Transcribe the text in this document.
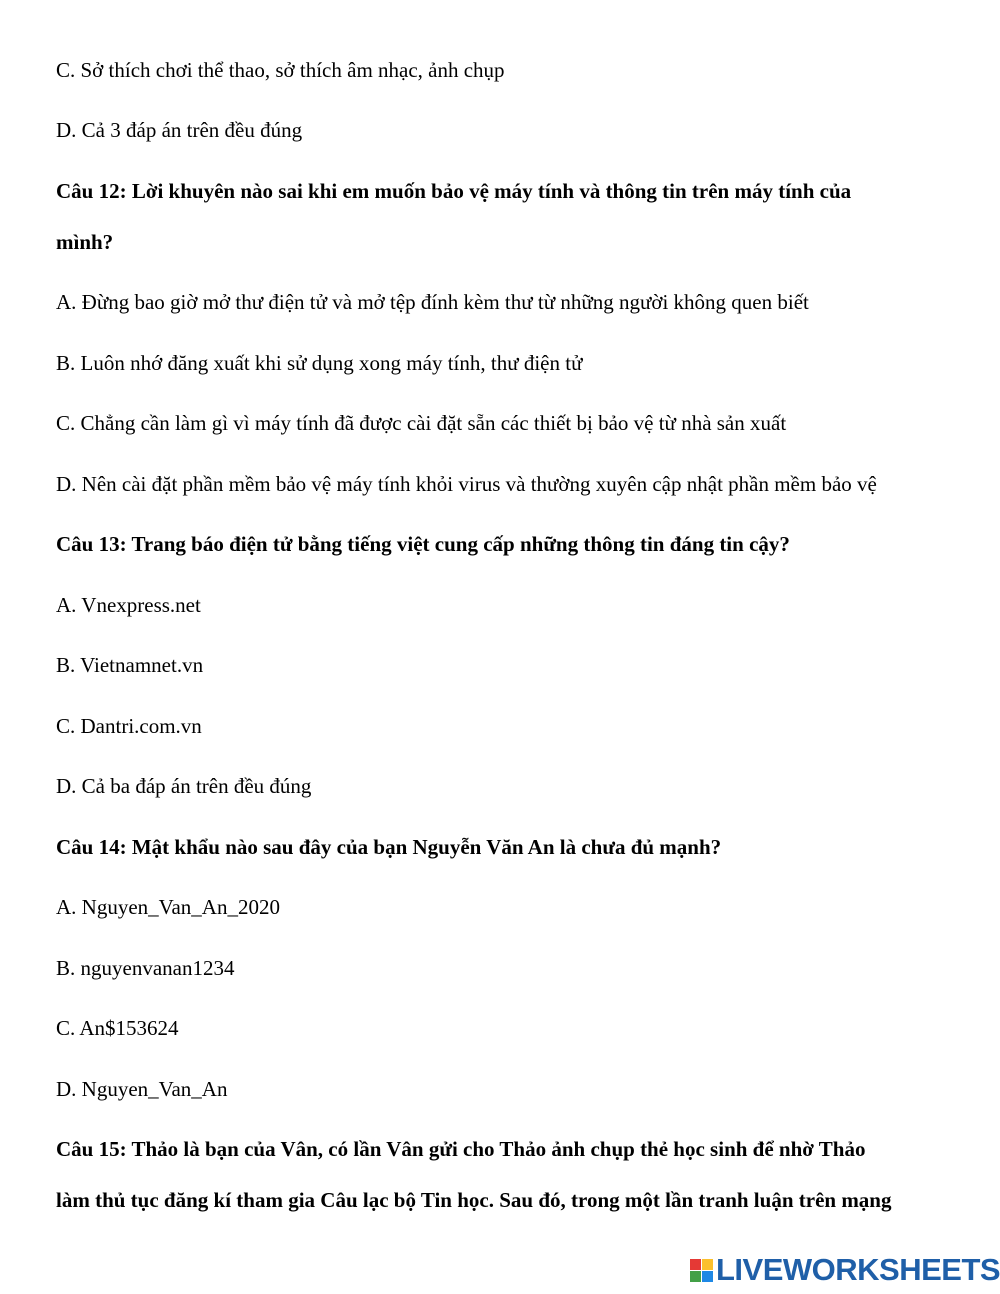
C. Sở thích chơi thể thao, sở thích âm nhạc, ảnh chụp
D. Cả 3 đáp án trên đều đúng
Câu 12: Lời khuyên nào sai khi em muốn bảo vệ máy tính và thông tin trên máy tính của
mình?
A. Đừng bao giờ mở thư điện tử và mở tệp đính kèm thư từ những người không quen biết
B. Luôn nhớ đăng xuất khi sử dụng xong máy tính, thư điện tử
C. Chẳng cần làm gì vì máy tính đã được cài đặt sẵn các thiết bị bảo vệ từ nhà sản xuất
D. Nên cài đặt phần mềm bảo vệ máy tính khỏi virus và thường xuyên cập nhật phần mềm bảo vệ
Câu 13: Trang báo điện tử bằng tiếng việt cung cấp những thông tin đáng tin cậy?
A. Vnexpress.net
B. Vietnamnet.vn
C. Dantri.com.vn
D. Cả ba đáp án trên đều đúng
Câu 14: Mật khẩu nào sau đây của bạn Nguyễn Văn An là chưa đủ mạnh?
A. Nguyen_Van_An_2020
B. nguyenvanan1234
C. An$153624
D. Nguyen_Van_An
Câu 15: Thảo là bạn của Vân, có lần Vân gửi cho Thảo ảnh chụp thẻ học sinh để nhờ Thảo
làm thủ tục đăng kí tham gia Câu lạc bộ Tin học. Sau đó, trong một lần tranh luận trên mạng
LIVEWORKSHEETS
